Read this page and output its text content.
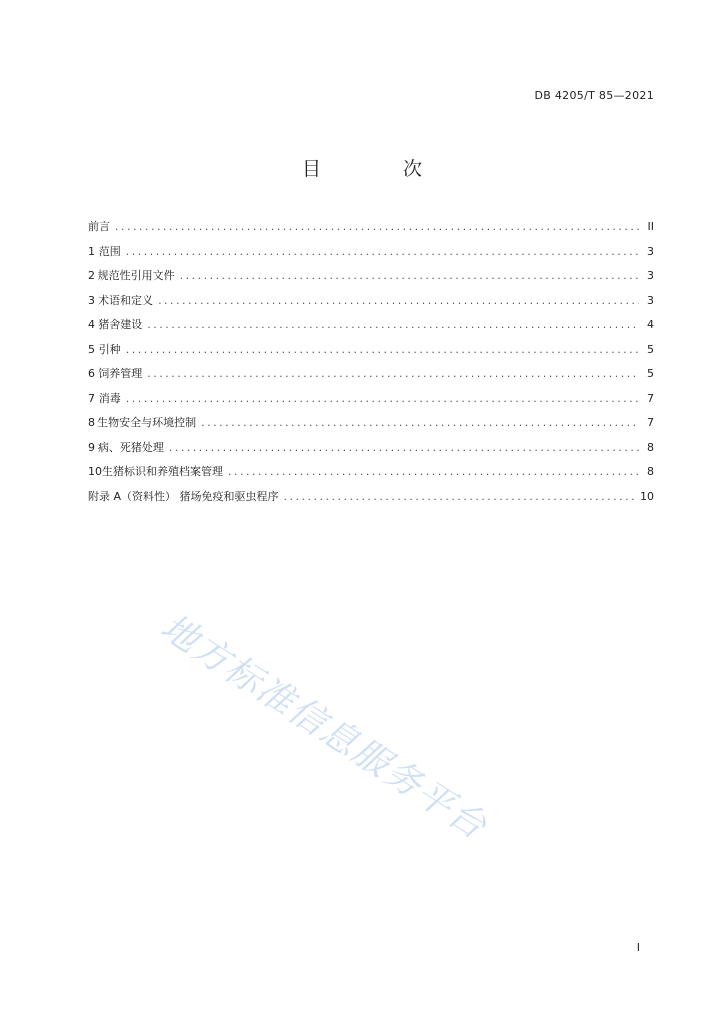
DB 4205/T 85—2021
目 次
前言 . . .	II
1 范围 . . .	3
2 规范性引用文件 . . .	3
3 术语和定义 . . .	3
4 猪舍建设 . . .	4
5 引种 . . .	5
6 饲养管理 . . .	5
7 消毒 . . .	7
8 生物安全与环境控制 . . .	7
9 病、死猪处理 . . .	8
10 生猪标识和养殖档案管理 . . .	8
附录 A（资料性） 猪场免疫和驱虫程序 . . .	10
地方标准信息服务平台
I
